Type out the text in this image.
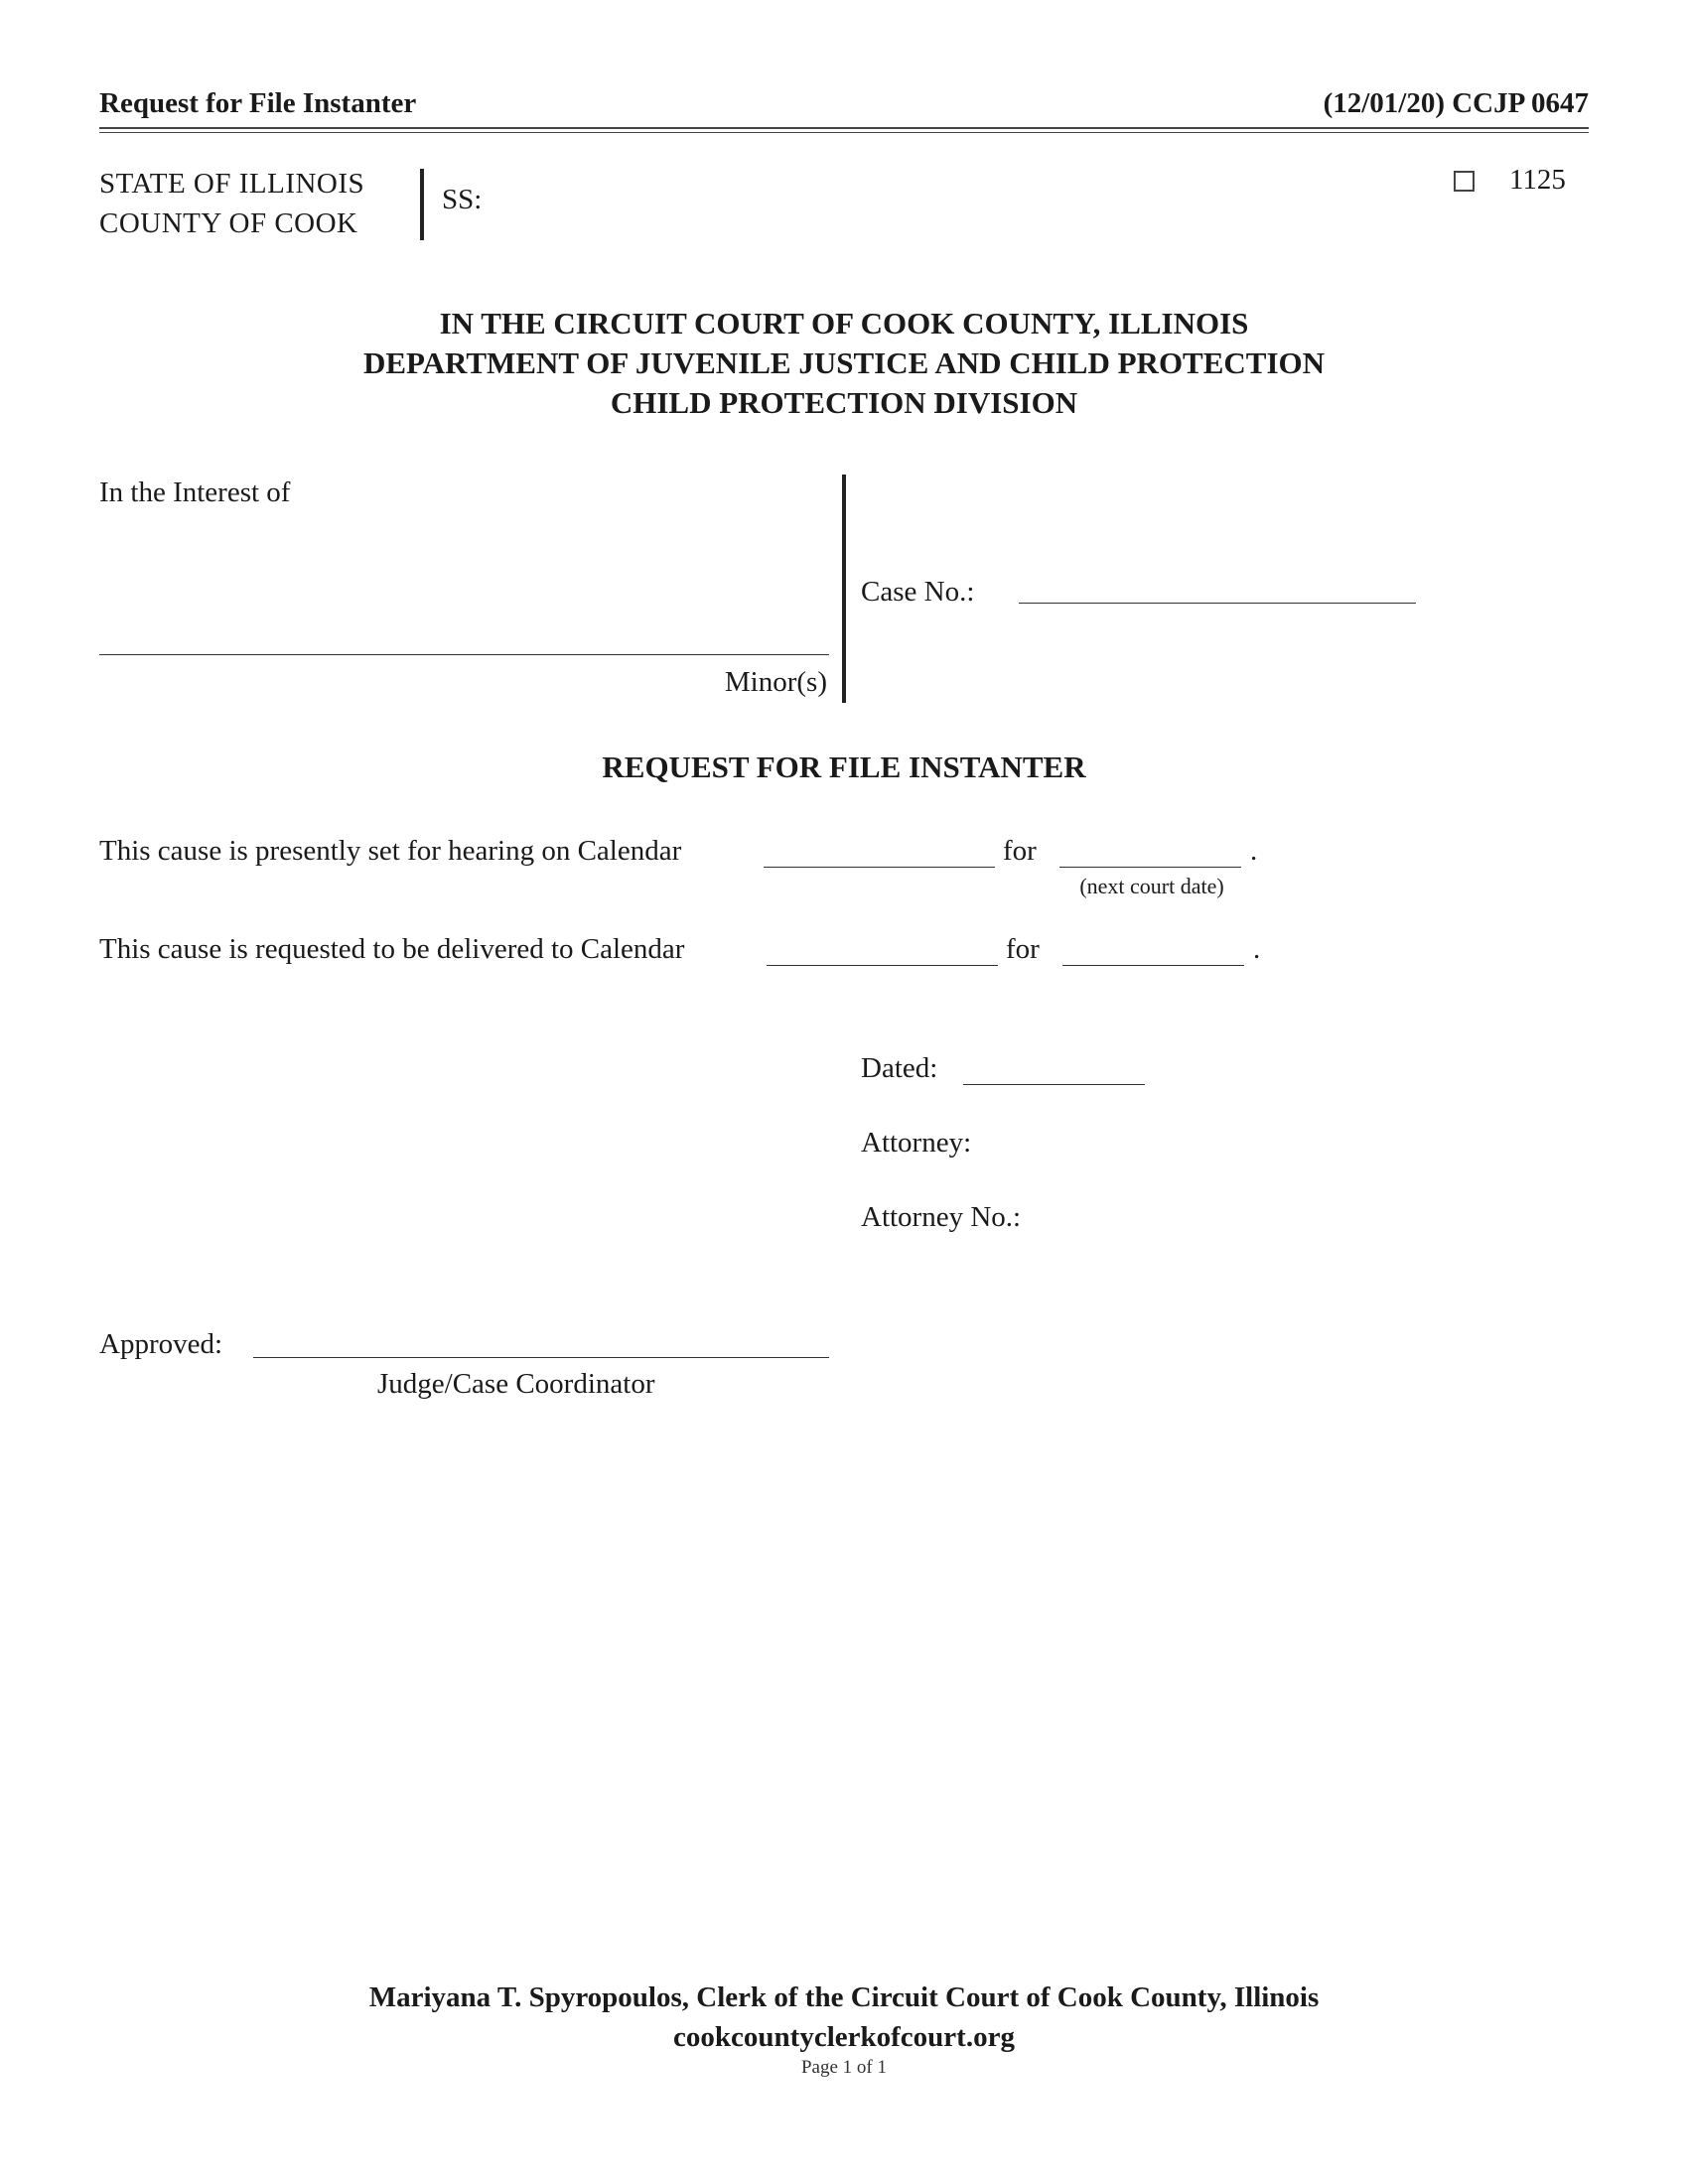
Request for File Instanter	(12/01/20) CCJP 0647
STATE OF ILLINOIS
COUNTY OF COOK
SS:
1125
IN THE CIRCUIT COURT OF COOK COUNTY, ILLINOIS
DEPARTMENT OF JUVENILE JUSTICE AND CHILD PROTECTION
CHILD PROTECTION DIVISION
In the Interest of
Minor(s)
Case No.:
REQUEST FOR FILE INSTANTER
This cause is presently set for hearing on Calendar	for	.
(next court date)
This cause is requested to be delivered to Calendar	for	.
Dated:
Attorney:
Attorney No.:
Approved:
Judge/Case Coordinator
Mariyana T. Spyropoulos, Clerk of the Circuit Court of Cook County, Illinois
cookcountyclerkofcourt.org
Page 1 of 1
